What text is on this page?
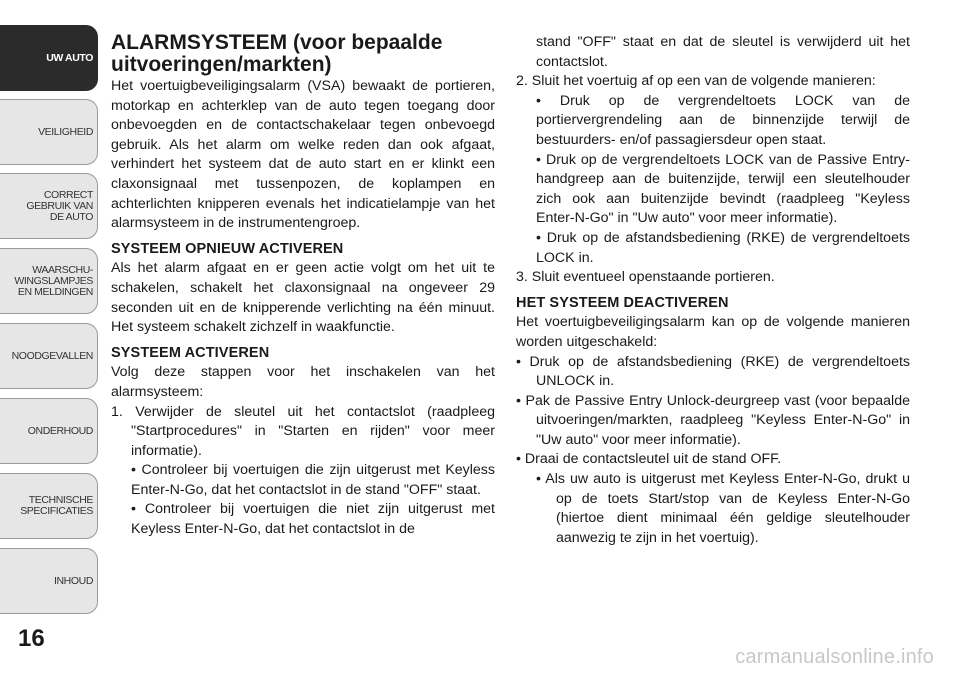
UW AUTO
VEILIGHEID
CORRECT
GEBRUIK VAN
DE AUTO
WAARSCHU-
WINGSLAMPJES
EN MELDINGEN
NOODGEVALLEN
ONDERHOUD
TECHNISCHE
SPECIFICATIES
INHOUD
16
ALARMSYSTEEM (voor bepaalde uitvoeringen/markten)

Het voertuigbeveiligingsalarm (VSA) bewaakt de portieren, motorkap en achterklep van de auto tegen toegang door onbevoegden en de contactschakelaar tegen onbevoegd gebruik. Als het alarm om welke reden dan ook afgaat, verhindert het systeem dat de auto start en er klinkt een claxonsignaal met tussenpozen, de koplampen en achterlichten knipperen evenals het indicatielampje van het alarmsysteem in de instrumentengroep.

SYSTEEM OPNIEUW ACTIVEREN

Als het alarm afgaat en er geen actie volgt om het uit te schakelen, schakelt het claxonsignaal na ongeveer 29 seconden uit en de knipperende verlichting na één minuut. Het systeem schakelt zichzelf in waakfunctie.

SYSTEEM ACTIVEREN

Volg deze stappen voor het inschakelen van het alarmsysteem:

1. Verwijder de sleutel uit het contactslot (raadpleeg "Startprocedures" in "Starten en rijden" voor meer informatie).

• Controleer bij voertuigen die zijn uitgerust met Keyless Enter-N-Go, dat het contactslot in de stand "OFF" staat.

• Controleer bij voertuigen die niet zijn uitgerust met Keyless Enter-N-Go, dat het contactslot in de

stand "OFF" staat en dat de sleutel is verwijderd uit het contactslot.

2. Sluit het voertuig af op een van de volgende manieren:

• Druk op de vergrendeltoets LOCK van de portiervergrendeling aan de binnenzijde terwijl de bestuurders- en/of passagiersdeur open staat.

• Druk op de vergrendeltoets LOCK van de Passive Entry-handgreep aan de buitenzijde, terwijl een sleutelhouder zich ook aan buitenzijde bevindt (raadpleeg "Keyless Enter-N-Go" in "Uw auto" voor meer informatie).

• Druk op de afstandsbediening (RKE) de vergrendeltoets LOCK in.

3. Sluit eventueel openstaande portieren.

HET SYSTEEM DEACTIVEREN

Het voertuigbeveiligingsalarm kan op de volgende manieren worden uitgeschakeld:

• Druk op de afstandsbediening (RKE) de vergrendeltoets UNLOCK in.

• Pak de Passive Entry Unlock-deurgreep vast (voor bepaalde uitvoeringen/markten, raadpleeg "Keyless Enter-N-Go" in "Uw auto" voor meer informatie).

• Draai de contactsleutel uit de stand OFF.

• Als uw auto is uitgerust met Keyless Enter-N-Go, drukt u op de toets Start/stop van de Keyless Enter-N-Go (hiertoe dient minimaal één geldige sleutelhouder aanwezig te zijn in het voertuig).

carmanualsonline.info
